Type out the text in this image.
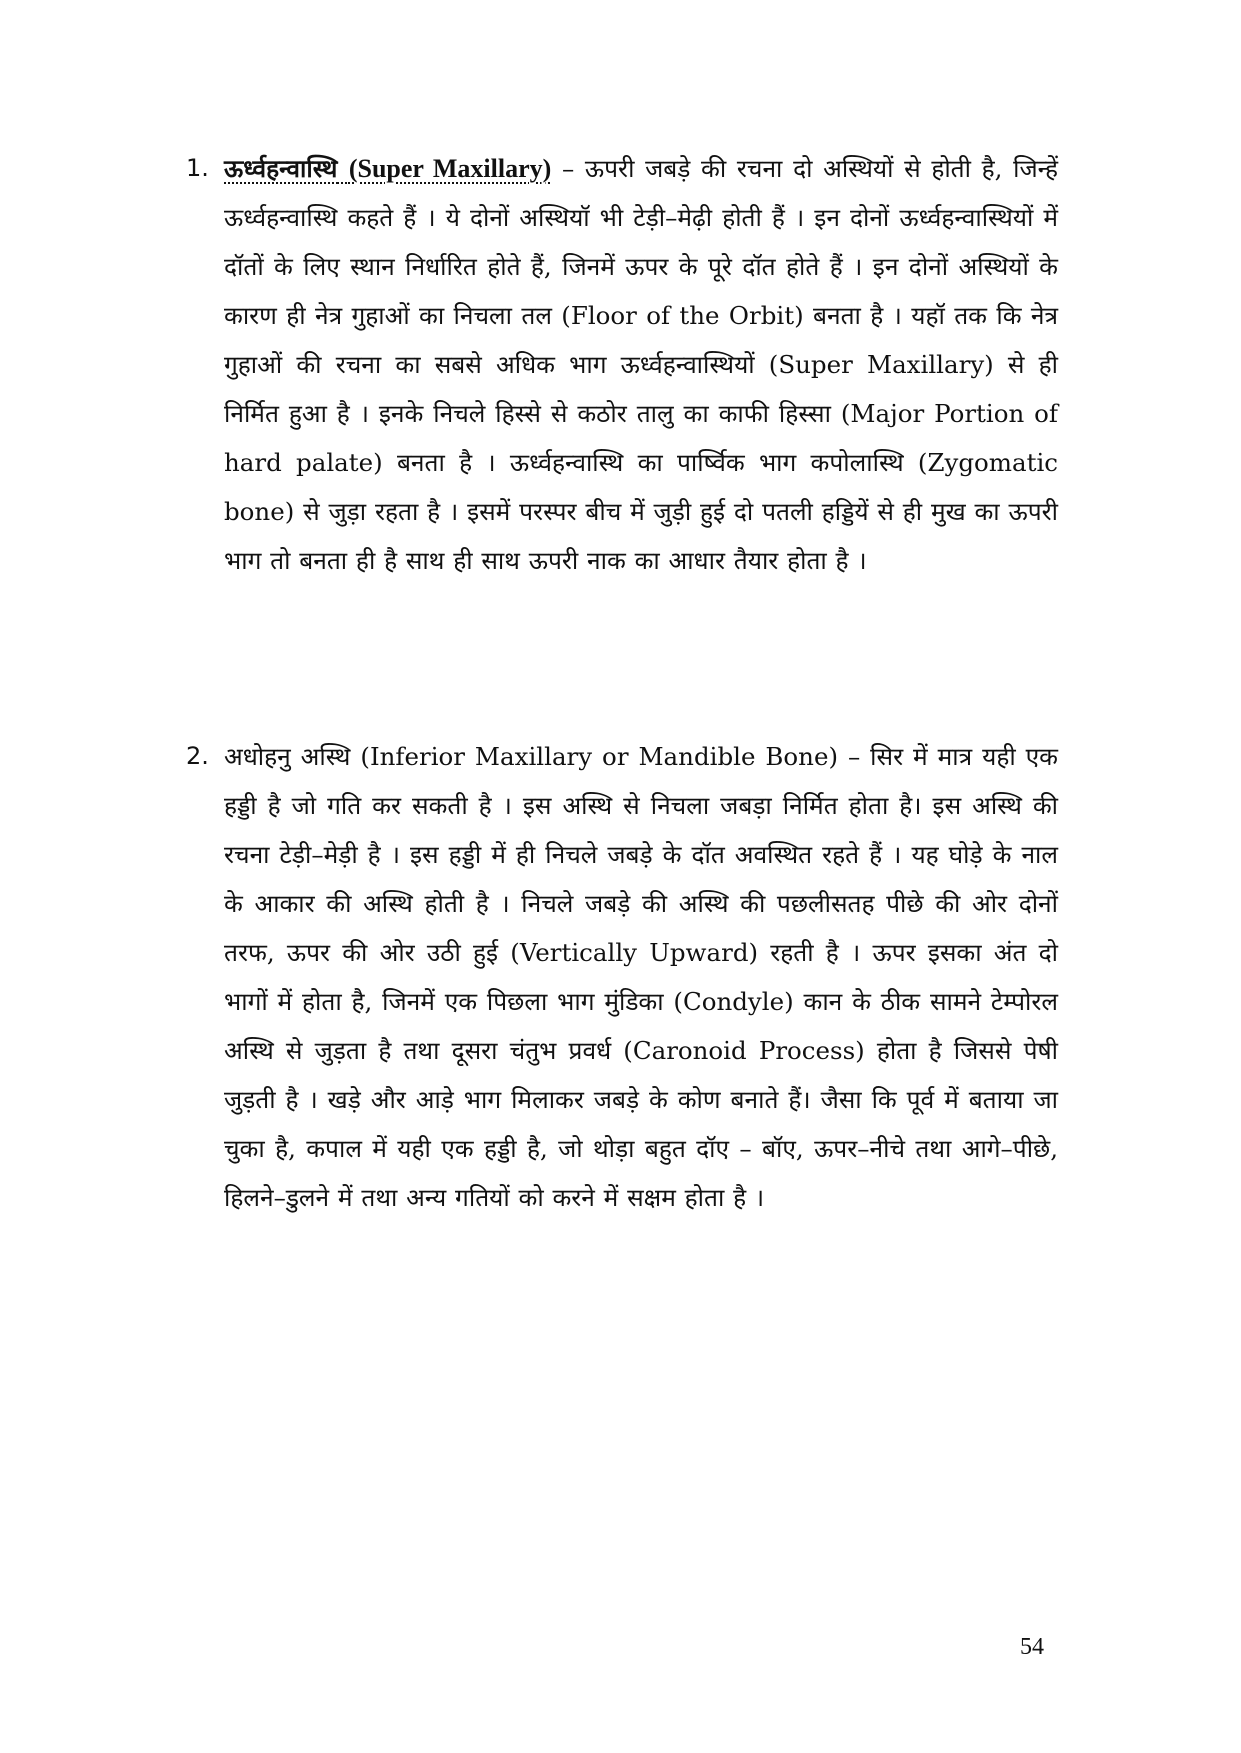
1. ऊर्ध्वहन्वास्थि (Super Maxillary) – ऊपरी जबड़े की रचना दो अस्थियों से होती है, जिन्हें ऊर्ध्वहन्वास्थि कहते हैं । ये दोनों अस्थियॉ भी टेड़ी–मेढ़ी होती हैं । इन दोनों ऊर्ध्वहन्वास्थियों में दॉतों के लिए स्थान निर्धारित होते हैं, जिनमें ऊपर के पूरे दॉत होते हैं । इन दोनों अस्थियों के कारण ही नेत्र गुहाओं का निचला तल (Floor of the Orbit) बनता है । यहॉ तक कि नेत्र गुहाओं की रचना का सबसे अधिक भाग ऊर्ध्वहन्वास्थियों (Super Maxillary) से ही निर्मित हुआ है । इनके निचले हिस्से से कठोर तालु का काफी हिस्सा (Major Portion of hard palate) बनता है । ऊर्ध्वहन्वास्थि का पार्ष्विक भाग कपोलास्थि (Zygomatic bone) से जुड़ा रहता है । इसमें परस्पर बीच में जुड़ी हुई दो पतली हड्डियें से ही मुख का ऊपरी भाग तो बनता ही है साथ ही साथ ऊपरी नाक का आधार तैयार होता है ।
2. अधोहनु अस्थि (Inferior Maxillary or Mandible Bone) – सिर में मात्र यही एक हड्डी है जो गति कर सकती है । इस अस्थि से निचला जबड़ा निर्मित होता है। इस अस्थि की रचना टेड़ी–मेड़ी है । इस हड्डी में ही निचले जबड़े के दॉत अवस्थित रहते हैं । यह घोड़े के नाल के आकार की अस्थि होती है । निचले जबड़े की अस्थि की पछलीसतह पीछे की ओर दोनों तरफ, ऊपर की ओर उठी हुई (Vertically Upward) रहती है । ऊपर इसका अंत दो भागों में होता है, जिनमें एक पिछला भाग मुंडिका (Condyle) कान के ठीक सामने टेम्पोरल अस्थि से जुड़ता है तथा दूसरा चंतुभ प्रवर्ध (Caronoid Process) होता है जिससे पेषी जुड़ती है । खड़े और आड़े भाग मिलाकर जबड़े के कोण बनाते हैं। जैसा कि पूर्व में बताया जा चुका है, कपाल में यही एक हड्डी है, जो थोड़ा बहुत दॉए – बॉए, ऊपर–नीचे तथा आगे–पीछे, हिलने–डुलने में तथा अन्य गतियों को करने में सक्षम होता है ।
54
